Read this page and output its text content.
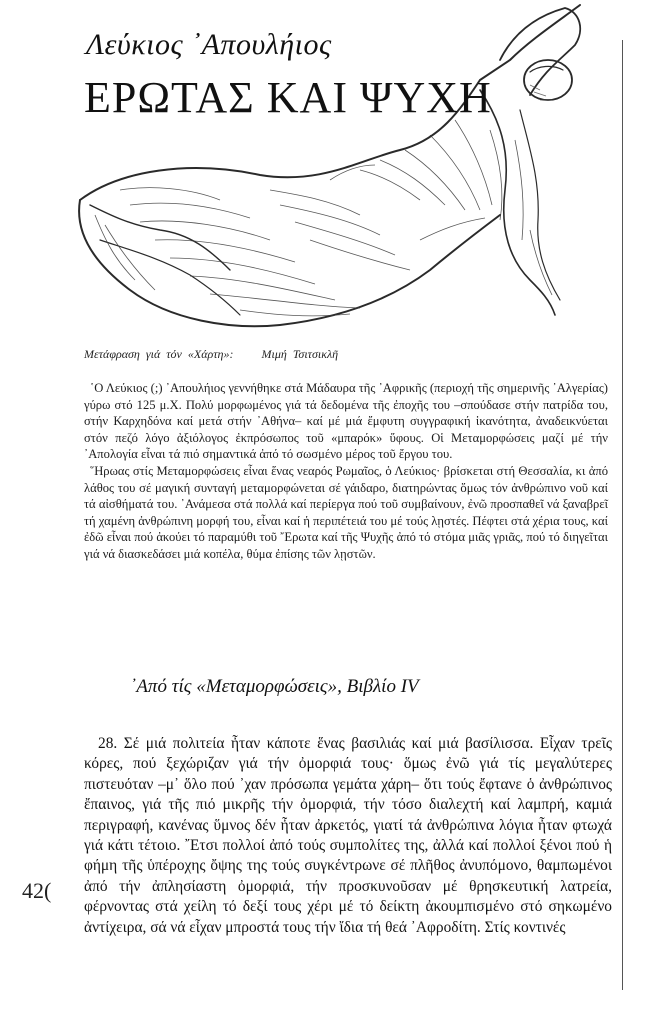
Λεύκιος ᾿Απουλήιος
ΕΡΩΤΑΣ ΚΑΙ ΨΥΧΗ
Μετάφραση γιά τόν «Χάρτη»: Μιμή Τσιτσικλῆ

῾Ο Λεύκιος (;) ᾿Απουλήιος γεννήθηκε στά Μάδαυρα τῆς ᾿Αφρικῆς (περιοχή τῆς σημερινῆς ᾿Αλγερίας) γύρω στό 125 μ.Χ. Πολύ μορφωμένος γιά τά δεδομένα τῆς ἐποχῆς του –σπούδασε στήν πατρίδα του, στήν Καρχηδόνα καί μετά στήν ᾿Αθήνα– καί μέ μιά ἔμφυτη συγγραφική ἱκανότητα, ἀναδεικνύεται στόν πεζό λόγο ἀξιόλογος ἐκπρόσωπος τοῦ «μπαρόκ» ὕφους. Οἱ Μεταμορφώσεις μαζί μέ τήν ᾿Απολογία εἶναι τά πιό σημαντικά ἀπό τό σωσμένο μέρος τοῦ ἔργου του.

῞Ηρωας στίς Μεταμορφώσεις εἶναι ἕνας νεαρός Ρωμαῖος, ὁ Λεύκιος· βρίσκεται στή Θεσσαλία, κι ἀπό λάθος του σέ μαγική συνταγή μεταμορφώνεται σέ γάιδαρο, διατηρώντας ὅμως τόν ἀνθρώπινο νοῦ καί τά αἰσθήματά του. ᾿Ανάμεσα στά πολλά καί περίεργα πού τοῦ συμβαίνουν, ἐνῶ προσπαθεῖ νά ξαναβρεῖ τή χαμένη ἀνθρώπινη μορφή του, εἶναι καί ἡ περιπέτειά του μέ τούς λῃστές. Πέφτει στά χέρια τους, καί ἐδῶ εἶναι πού ἀκούει τό παραμύθι τοῦ ῎Ερωτα καί τῆς Ψυχῆς ἀπό τό στόμα μιᾶς γριᾶς, πού τό διηγεῖται γιά νά διασκεδάσει μιά κοπέλα, θύμα ἐπίσης τῶν λῃστῶν.

᾿Από τίς «Μεταμορφώσεις», Βιβλίο IV

28. Σέ μιά πολιτεία ἦταν κάποτε ἕνας βασιλιάς καί μιά βασίλισσα. Εἶχαν τρεῖς κόρες, πού ξεχώριζαν γιά τήν ὀμορφιά τους· ὅμως ἐνῶ γιά τίς μεγαλύτερες πιστευόταν –μ᾿ ὅλο πού ᾿χαν πρόσωπα γεμάτα χάρη– ὅτι τούς ἔφτανε ὁ ἀνθρώπινος ἔπαινος, γιά τῆς πιό μικρῆς τήν ὀμορφιά, τήν τόσο διαλεχτή καί λαμπρή, καμιά περιγραφή, κανένας ὕμνος δέν ἦταν ἀρκετός, γιατί τά ἀνθρώπινα λόγια ἦταν φτωχά γιά κάτι τέτοιο. ῎Ετσι πολλοί ἀπό τούς συμπολίτες της, ἀλλά καί πολλοί ξένοι πού ἡ φήμη τῆς ὑπέροχης ὄψης της τούς συγκέντρωνε σέ πλῆθος ἀνυπόμονο, θαμπωμένοι ἀπό τήν ἀπλησίαστη ὀμορφιά, τήν προσκυνοῦσαν μέ θρησκευτική λατρεία, φέρνοντας στά χείλη τό δεξί τους χέρι μέ τό δείκτη ἀκουμπισμένο στό σηκωμένο ἀντίχειρα, σά νά εἶχαν μπροστά τους τήν ἴδια τή θεά ᾿Αφροδίτη. Στίς κοντινές

42(
